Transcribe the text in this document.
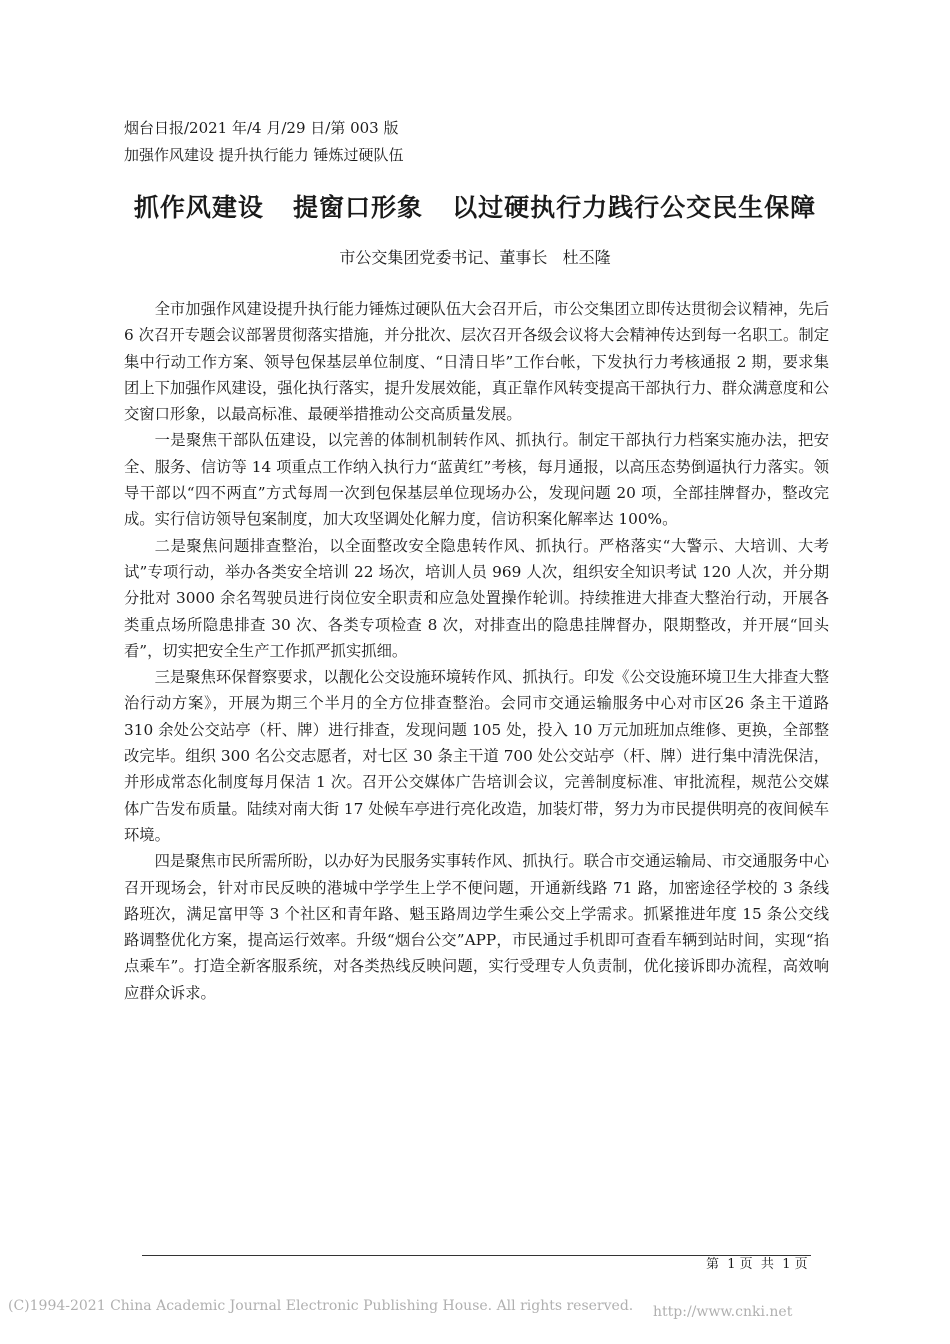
烟台日报/2021 年/4 月/29 日/第 003 版
加强作风建设 提升执行能力 锤炼过硬队伍
抓作风建设   提窗口形象   以过硬执行力践行公交民生保障
市公交集团党委书记、董事长   杜丕隆

全市加强作风建设提升执行能力锤炼过硬队伍大会召开后，市公交集团立即传达贯彻会议精神，先后 6 次召开专题会议部署贯彻落实措施，并分批次、层次召开各级会议将大会精神传达到每一名职工。制定集中行动工作方案、领导包保基层单位制度、“日清日毕”工作台帐，下发执行力考核通报 2 期，要求集团上下加强作风建设，强化执行落实，提升发展效能，真正靠作风转变提高干部执行力、群众满意度和公交窗口形象，以最高标准、最硬举措推动公交高质量发展。

一是聚焦干部队伍建设，以完善的体制机制转作风、抓执行。制定干部执行力档案实施办法，把安全、服务、信访等 14 项重点工作纳入执行力“蓝黄红”考核，每月通报，以高压态势倒逼执行力落实。领导干部以“四不两直”方式每周一次到包保基层单位现场办公，发现问题 20 项，全部挂牌督办，整改完成。实行信访领导包案制度，加大攻坚调处化解力度，信访积案化解率达 100%。

二是聚焦问题排查整治，以全面整改安全隐患转作风、抓执行。严格落实“大警示、大培训、大考试”专项行动，举办各类安全培训 22 场次，培训人员 969 人次，组织安全知识考试 120 人次，并分期分批对 3000 余名驾驶员进行岗位安全职责和应急处置操作轮训。持续推进大排查大整治行动，开展各类重点场所隐患排查 30 次、各类专项检查 8 次，对排查出的隐患挂牌督办，限期整改，并开展“回头看”，切实把安全生产工作抓严抓实抓细。

三是聚焦环保督察要求，以靓化公交设施环境转作风、抓执行。印发《公交设施环境卫生大排查大整治行动方案》，开展为期三个半月的全方位排查整治。会同市交通运输服务中心对市区26 条主干道路 310 余处公交站亭（杆、牌）进行排查，发现问题 105 处，投入 10 万元加班加点维修、更换，全部整改完毕。组织 300 名公交志愿者，对七区 30 条主干道 700 处公交站亭（杆、牌）进行集中清洗保洁，并形成常态化制度每月保洁 1 次。召开公交媒体广告培训会议，完善制度标准、审批流程，规范公交媒体广告发布质量。陆续对南大街 17 处候车亭进行亮化改造，加装灯带，努力为市民提供明亮的夜间候车环境。

四是聚焦市民所需所盼，以办好为民服务实事转作风、抓执行。联合市交通运输局、市交通服务中心召开现场会，针对市民反映的港城中学学生上学不便问题，开通新线路 71 路，加密途径学校的 3 条线路班次，满足富甲等 3 个社区和青年路、魁玉路周边学生乘公交上学需求。抓紧推进年度 15 条公交线路调整优化方案，提高运行效率。升级“烟台公交”APP，市民通过手机即可查看车辆到站时间，实现“掐点乘车”。打造全新客服系统，对各类热线反映问题，实行受理专人负责制，优化接诉即办流程，高效响应群众诉求。

第  1 页  共  1 页
(C)1994-2021 China Academic Journal Electronic Publishing House. All rights reserved. http://www.cnki.net
